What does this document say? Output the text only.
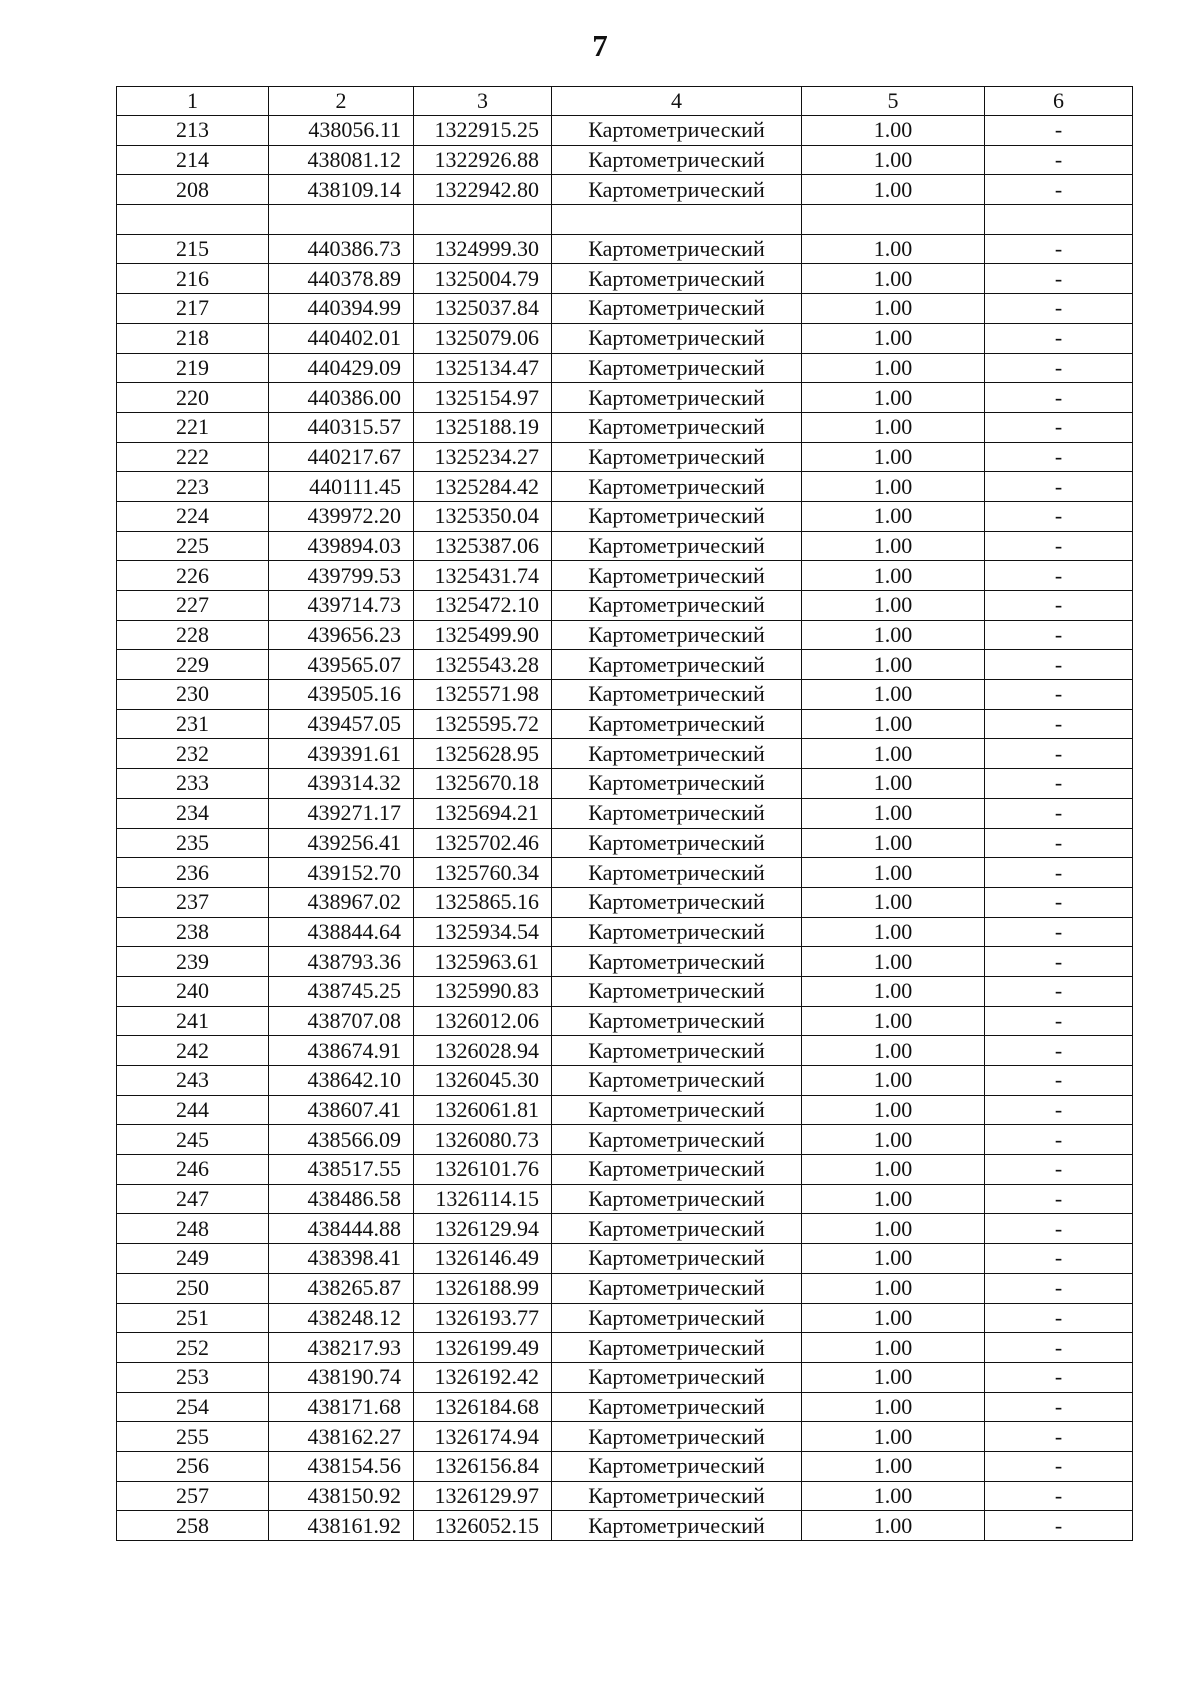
7
1	2	3	4	5	6
213	438056.11	1322915.25	Картометрический	1.00	-
214	438081.12	1322926.88	Картометрический	1.00	-
208	438109.14	1322942.80	Картометрический	1.00	-

215	440386.73	1324999.30	Картометрический	1.00	-
216	440378.89	1325004.79	Картометрический	1.00	-
217	440394.99	1325037.84	Картометрический	1.00	-
218	440402.01	1325079.06	Картометрический	1.00	-
219	440429.09	1325134.47	Картометрический	1.00	-
220	440386.00	1325154.97	Картометрический	1.00	-
221	440315.57	1325188.19	Картометрический	1.00	-
222	440217.67	1325234.27	Картометрический	1.00	-
223	440111.45	1325284.42	Картометрический	1.00	-
224	439972.20	1325350.04	Картометрический	1.00	-
225	439894.03	1325387.06	Картометрический	1.00	-
226	439799.53	1325431.74	Картометрический	1.00	-
227	439714.73	1325472.10	Картометрический	1.00	-
228	439656.23	1325499.90	Картометрический	1.00	-
229	439565.07	1325543.28	Картометрический	1.00	-
230	439505.16	1325571.98	Картометрический	1.00	-
231	439457.05	1325595.72	Картометрический	1.00	-
232	439391.61	1325628.95	Картометрический	1.00	-
233	439314.32	1325670.18	Картометрический	1.00	-
234	439271.17	1325694.21	Картометрический	1.00	-
235	439256.41	1325702.46	Картометрический	1.00	-
236	439152.70	1325760.34	Картометрический	1.00	-
237	438967.02	1325865.16	Картометрический	1.00	-
238	438844.64	1325934.54	Картометрический	1.00	-
239	438793.36	1325963.61	Картометрический	1.00	-
240	438745.25	1325990.83	Картометрический	1.00	-
241	438707.08	1326012.06	Картометрический	1.00	-
242	438674.91	1326028.94	Картометрический	1.00	-
243	438642.10	1326045.30	Картометрический	1.00	-
244	438607.41	1326061.81	Картометрический	1.00	-
245	438566.09	1326080.73	Картометрический	1.00	-
246	438517.55	1326101.76	Картометрический	1.00	-
247	438486.58	1326114.15	Картометрический	1.00	-
248	438444.88	1326129.94	Картометрический	1.00	-
249	438398.41	1326146.49	Картометрический	1.00	-
250	438265.87	1326188.99	Картометрический	1.00	-
251	438248.12	1326193.77	Картометрический	1.00	-
252	438217.93	1326199.49	Картометрический	1.00	-
253	438190.74	1326192.42	Картометрический	1.00	-
254	438171.68	1326184.68	Картометрический	1.00	-
255	438162.27	1326174.94	Картометрический	1.00	-
256	438154.56	1326156.84	Картометрический	1.00	-
257	438150.92	1326129.97	Картометрический	1.00	-
258	438161.92	1326052.15	Картометрический	1.00	-
